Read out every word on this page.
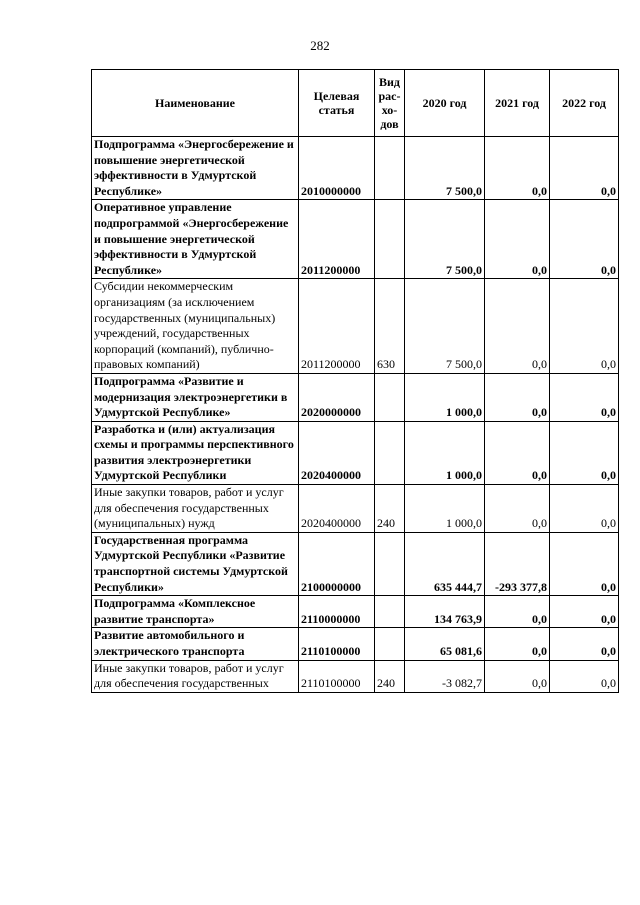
282
Наименование	Целевая статья	Вид рас-хо-дов	2020 год	2021 год	2022 год
Подпрограмма «Энергосбережение и повышение энергетической эффективности в Удмуртской Республике»	2010000000		7 500,0	0,0	0,0
Оперативное управление подпрограммой «Энергосбережение и повышение энергетической эффективности в Удмуртской Республике»	2011200000		7 500,0	0,0	0,0
Субсидии некоммерческим организациям (за исключением государственных (муниципальных) учреждений, государственных корпораций (компаний), публично-правовых компаний)	2011200000	630	7 500,0	0,0	0,0
Подпрограмма «Развитие и модернизация электроэнергетики в Удмуртской Республике»	2020000000		1 000,0	0,0	0,0
Разработка и (или) актуализация схемы и программы перспективного развития электроэнергетики Удмуртской Республики	2020400000		1 000,0	0,0	0,0
Иные закупки товаров, работ и услуг для обеспечения государственных (муниципальных) нужд	2020400000	240	1 000,0	0,0	0,0
Государственная программа Удмуртской Республики «Развитие транспортной системы Удмуртской Республики»	2100000000		635 444,7	-293 377,8	0,0
Подпрограмма «Комплексное развитие транспорта»	2110000000		134 763,9	0,0	0,0
Развитие автомобильного и электрического транспорта	2110100000		65 081,6	0,0	0,0
Иные закупки товаров, работ и услуг для обеспечения государственных	2110100000	240	-3 082,7	0,0	0,0
